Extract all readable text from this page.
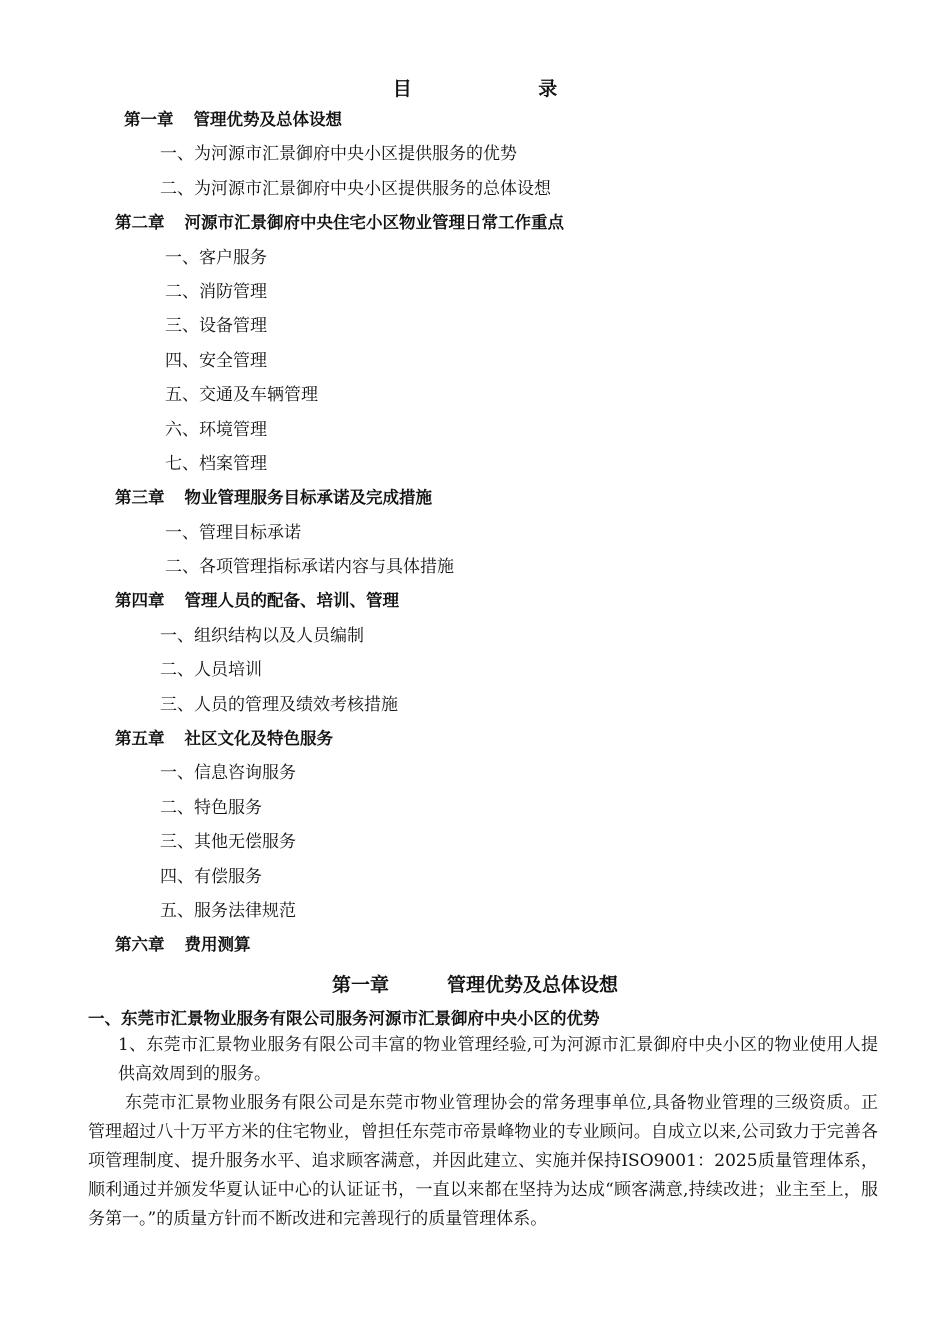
目 录
第一章 管理优势及总体设想
一、为河源市汇景御府中央小区提供服务的优势
二、为河源市汇景御府中央小区提供服务的总体设想
第二章 河源市汇景御府中央住宅小区物业管理日常工作重点
一、客户服务
二、消防管理
三、设备管理
四、安全管理
五、交通及车辆管理
六、环境管理
七、档案管理
第三章 物业管理服务目标承诺及完成措施
一、管理目标承诺
二、各项管理指标承诺内容与具体措施
第四章 管理人员的配备、培训、管理
一、组织结构以及人员编制
二、人员培训
三、人员的管理及绩效考核措施
第五章 社区文化及特色服务
一、信息咨询服务
二、特色服务
三、其他无偿服务
四、有偿服务
五、服务法律规范
第六章 费用测算
第一章	管理优势及总体设想
一、东莞市汇景物业服务有限公司服务河源市汇景御府中央小区的优势

1、东莞市汇景物业服务有限公司丰富的物业管理经验,可为河源市汇景御府中央小区的物业使用人提供高效周到的服务。

东莞市汇景物业服务有限公司是东莞市物业管理协会的常务理事单位,具备物业管理的三级资质。正管理超过八十万平方米的住宅物业，曾担任东莞市帝景峰物业的专业顾问。自成立以来,公司致力于完善各项管理制度、提升服务水平、追求顾客满意，并因此建立、实施并保持ISO9001：2025质量管理体系，顺利通过并颁发华夏认证中心的认证证书，一直以来都在坚持为达成“顾客满意,持续改进；业主至上，服务第一。”的质量方针而不断改进和完善现行的质量管理体系。
